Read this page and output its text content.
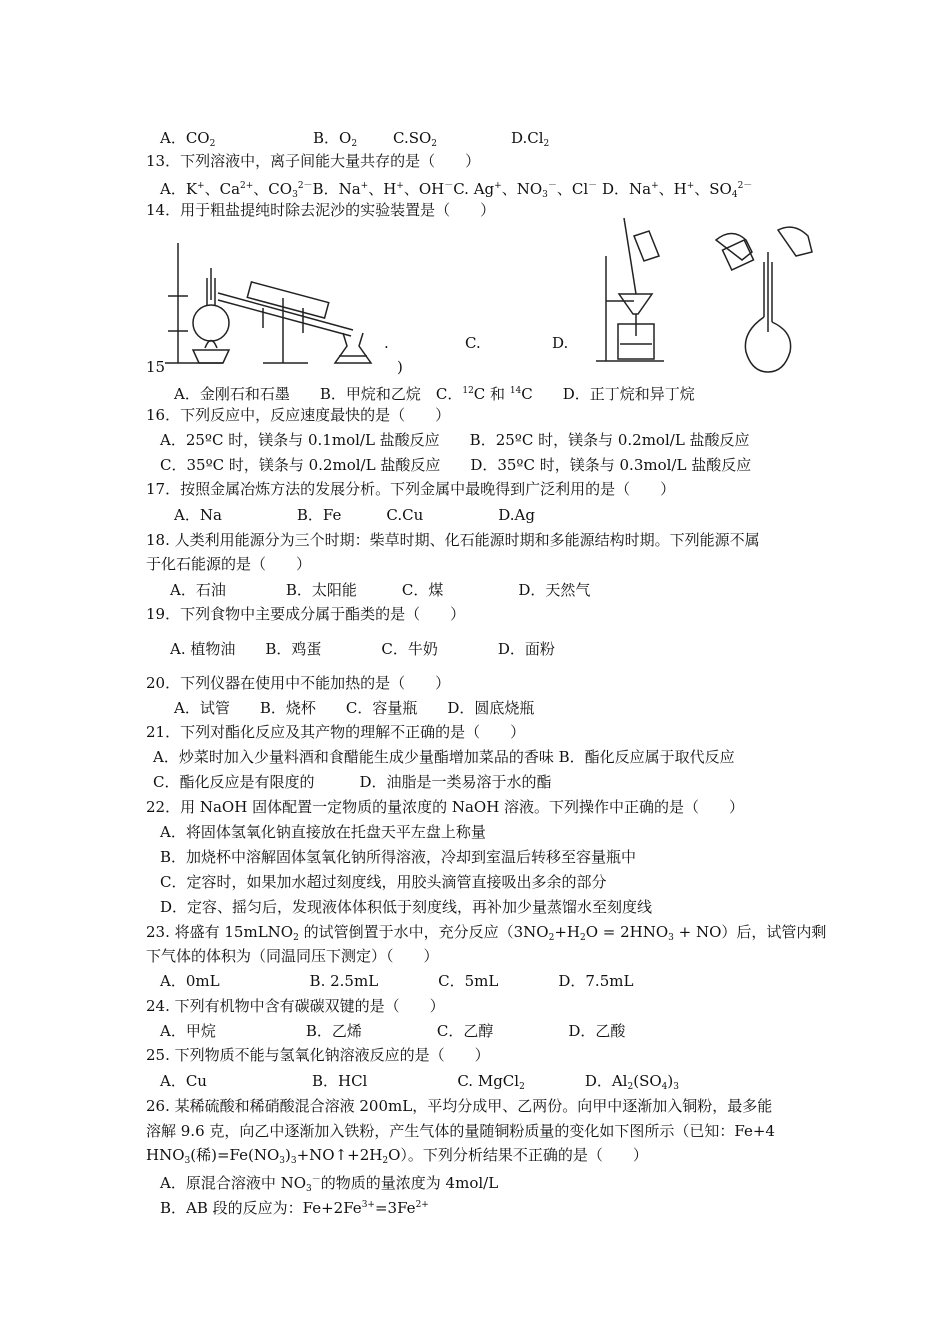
A．$CO_2$	B．$O_2$ $C.SO_2$	$D.Cl_2$
13．下列溶液中，离子间能大量共存的是（　　）
A．K+、$Ca^{2+}$、$CO_3^{2-}B$．Na+、H+、OH－C. Ag+、$NO_3^-$、Cl－ D．Na+、H+、$SO_4^{2-}$
14．用于粗盐提纯时除去泥沙的实验装置是（　　）
.	C.	D.
15	)
A．金刚石和石墨　　B．甲烷和乙烷　C．$^{12}$C 和 $^{14}$C　　D．正丁烷和异丁烷
16．下列反应中，反应速度最快的是（　　）
A．25ºC 时，镁条与 0.1mol/L 盐酸反应　　B．25ºC 时，镁条与 0.2mol/L 盐酸反应
C．35ºC 时，镁条与 0.2mol/L 盐酸反应　　D．35ºC 时，镁条与 0.3mol/L 盐酸反应
17．按照金属冶炼方法的发展分析。下列金属中最晚得到广泛利用的是（　　）
A．Na　　　　　B．Fe　　　C.Cu　　　　　D.Ag
18. 人类利用能源分为三个时期：柴草时期、化石能源时期和多能源结构时期。下列能源不属
于化石能源的是（　　）
A．石油　　　　B．太阳能　　　C．煤　　　　　D．天然气
19．下列食物中主要成分属于酯类的是（　　）
A. 植物油　　B．鸡蛋　　　　C．牛奶　　　　D．面粉
20．下列仪器在使用中不能加热的是（　　）
A．试管　　B．烧杯　　C．容量瓶　　D．圆底烧瓶
21．下列对酯化反应及其产物的理解不正确的是（　　）
A．炒菜时加入少量料酒和食醋能生成少量酯增加菜品的香味 B．酯化反应属于取代反应
C．酯化反应是有限度的　　　D．油脂是一类易溶于水的酯
22．用 NaOH 固体配置一定物质的量浓度的 NaOH 溶液。下列操作中正确的是（　　）
A．将固体氢氧化钠直接放在托盘天平左盘上称量
B．加烧杯中溶解固体氢氧化钠所得溶液，冷却到室温后转移至容量瓶中
C．定容时，如果加水超过刻度线，用胶头滴管直接吸出多余的部分
D．定容、摇匀后，发现液体体积低于刻度线，再补加少量蒸馏水至刻度线
23. 将盛有 15mLNO$_2$ 的试管倒置于水中，充分反应$(3NO_2+H_2O = 2HNO_3 + NO)$后，试管内剩
下气体的体积为（同温同压下测定）（　　）
A．0mL　　　　　　B. 2.5mL　　　　C．5mL　　　　D．7.5mL
24. 下列有机物中含有碳碳双键的是（　　）
A．甲烷　　　　　　B．乙烯　　　　　C．乙醇　　　　　D．乙酸
25. 下列物质不能与氢氧化钠溶液反应的是（　　）
A．Cu　　　　　　　B．HCl　　　　　　C. MgCl$_2$　　　　D．$Al_2(SO_4)_3$
26. 某稀硫酸和稀硝酸混合溶液 200mL，平均分成甲、乙两份。向甲中逐渐加入铜粉，最多能
溶解 9.6 克，向乙中逐渐加入铁粉，产生气体的量随铜粉质量的变化如下图所示（已知：Fe+4
$HNO_3$(稀)$=Fe(NO_3)_3+NO↑+2H_2O$）。下列分析结果不正确的是（　　）
A．原混合溶液中 $NO_3^-$的物质的量浓度为 4mol/L
B．AB 段的反应为：$Fe+2Fe^{3+}=3Fe^{2+}$
